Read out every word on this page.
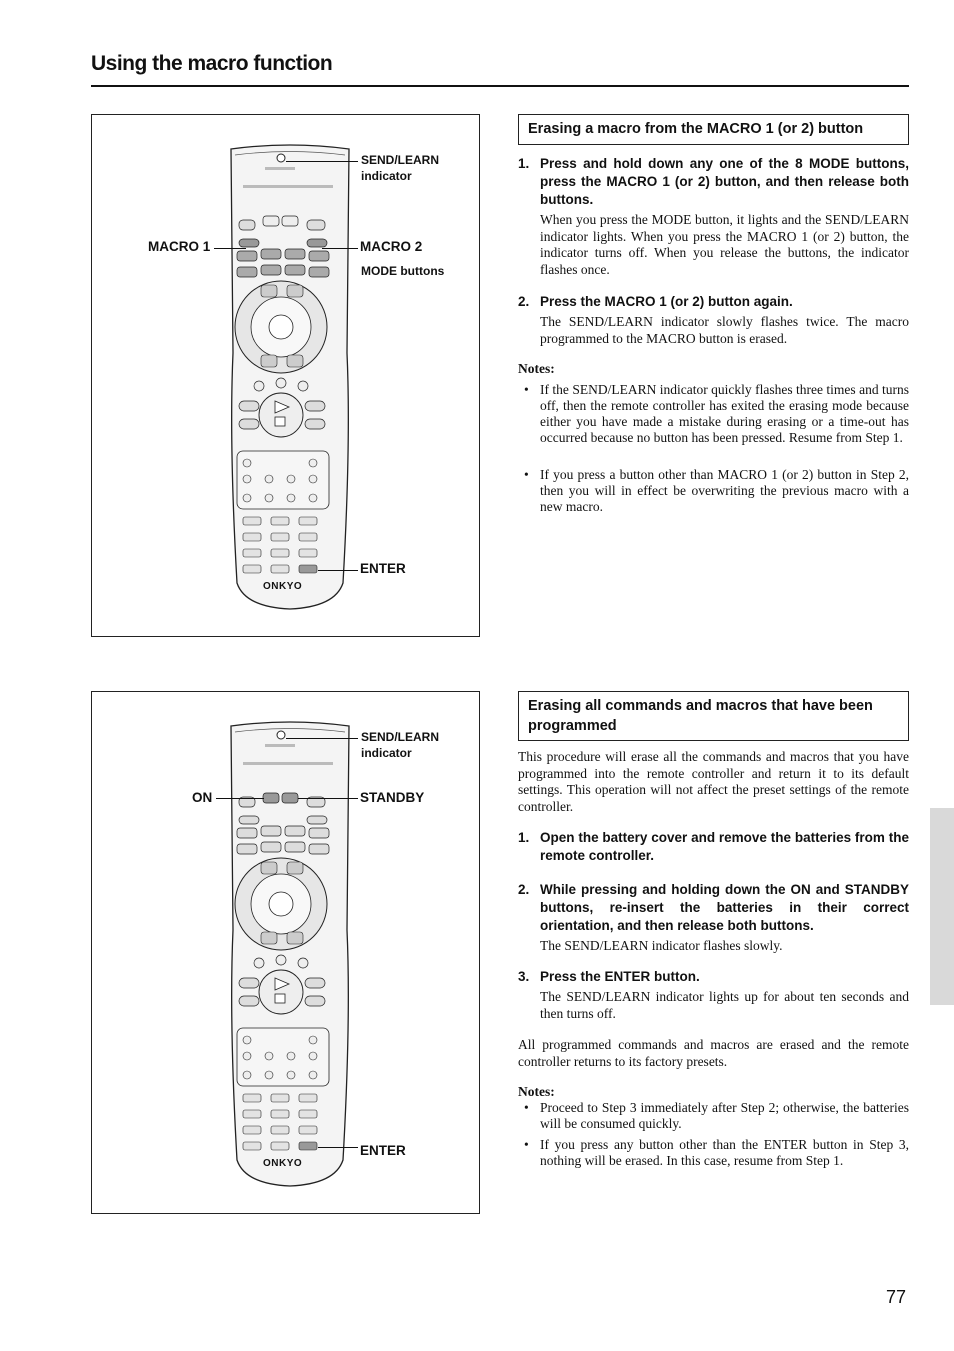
Using the macro function
ONKYO
SEND/LEARN
indicator
MACRO 1	MACRO 2
MODE buttons
ENTER
ONKYO
SEND/LEARN
indicator
ON	STANDBY
ENTER
Erasing a macro from the MACRO 1 (or 2) button
1. Press and hold down any one of the 8 MODE buttons, press the MACRO 1 (or 2) button, and then release both buttons.
When you press the MODE button, it lights and the SEND/LEARN indicator lights. When you press the MACRO 1 (or 2) button, the indicator turns off. When you release the buttons, the indicator flashes once.
2. Press the MACRO 1 (or 2) button again.
The SEND/LEARN indicator slowly flashes twice. The macro programmed to the MACRO button is erased.
Notes:
• If the SEND/LEARN indicator quickly flashes three times and turns off, then the remote controller has exited the erasing mode because either you have made a mistake during erasing or a time-out has occurred because no button has been pressed. Resume from Step 1.
• If you press a button other than MACRO 1 (or 2) button in Step 2, then you will in effect be overwriting the previous macro with a new macro.
Erasing all commands and macros that have been programmed
This procedure will erase all the commands and macros that you have programmed into the remote controller and return it to its default settings. This operation will not affect the preset settings of the remote controller.
1. Open the battery cover and remove the batteries from the remote controller.
2. While pressing and holding down the ON and STANDBY buttons, re-insert the batteries in their correct orientation, and then release both buttons.
The SEND/LEARN indicator flashes slowly.
3. Press the ENTER button.
The SEND/LEARN indicator lights up for about ten seconds and then turns off.
All programmed commands and macros are erased and the remote controller returns to its factory presets.
Notes:
• Proceed to Step 3 immediately after Step 2; otherwise, the batteries will be consumed quickly.
• If you press any button other than the ENTER button in Step 3, nothing will be erased. In this case, resume from Step 1.
77
